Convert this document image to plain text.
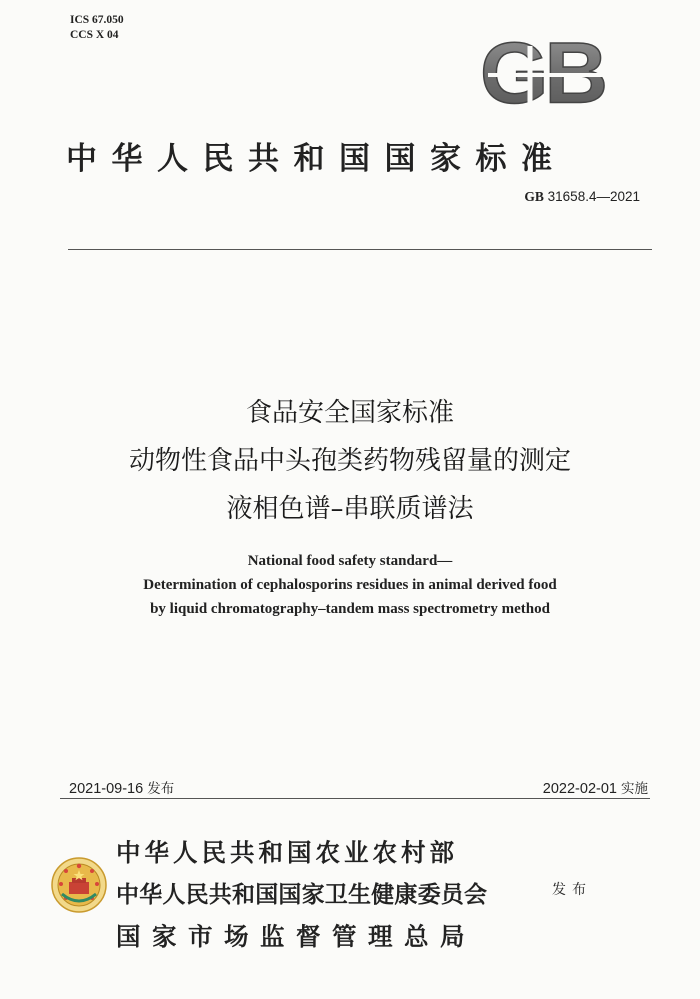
ICS 67.050
CCS X 04	GB
中华人民共和国国家标准
GB 31658.4—2021
食品安全国家标准
动物性食品中头孢类药物残留量的测定
液相色谱–串联质谱法
National food safety standard—
Determination of cephalosporins residues in animal derived food
by liquid chromatography–tandem mass spectrometry method
2021-09-16 发布	2022-02-01 实施
中华人民共和国农业农村部
中华人民共和国国家卫生健康委员会
国家市场监督管理总局
发布
